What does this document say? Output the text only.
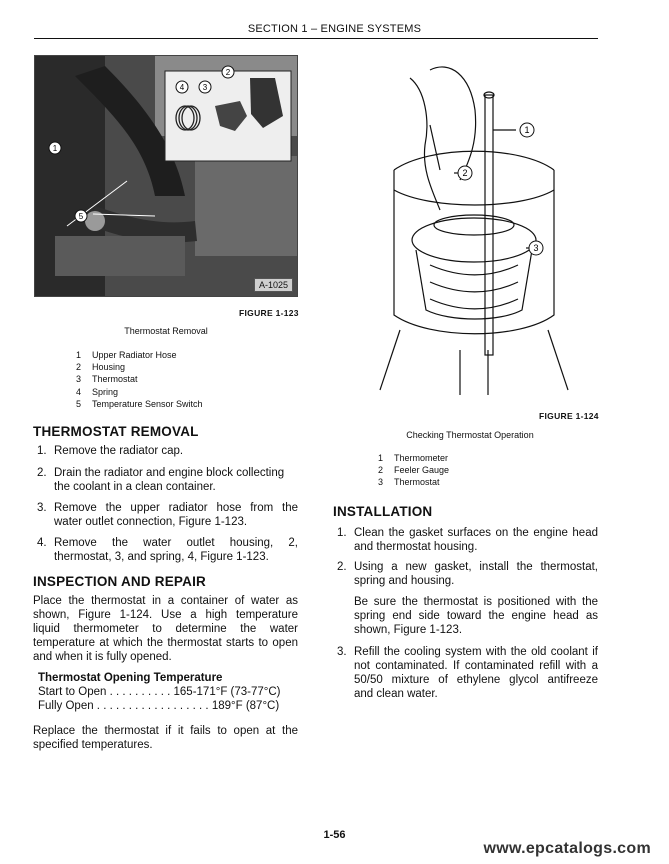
SECTION 1 – ENGINE SYSTEMS
A-1025
1
2
3
4
5
FIGURE 1-123
Thermostat Removal
1	Upper Radiator Hose
2	Housing
3	Thermostat
4	Spring
5	Temperature Sensor Switch
1
2
3
FIGURE 1-124
Checking Thermostat Operation
1	Thermometer
2	Feeler Gauge
3	Thermostat
THERMOSTAT REMOVAL
1. Remove the radiator cap.
2. Drain the radiator and engine block collecting
the coolant in a clean container.
3. Remove the upper radiator hose from the
water outlet connection, Figure 1-123.
4. Remove the water outlet housing, 2,
thermostat, 3, and spring, 4, Figure 1-123.
INSPECTION AND REPAIR
Place the thermostat in a container of water as
shown, Figure 1-124. Use a high temperature
liquid thermometer to determine the water
temperature at which the thermostat starts to open
and when it is fully opened.
Thermostat Opening Temperature
Start to Open . . . . . . . . . . 165-171°F (73-77°C)
Fully Open . . . . . . . . . . . . . . . . . . 189°F (87°C)
Replace the thermostat if it fails to open at the
specified temperatures.
INSTALLATION
1. Clean the gasket surfaces on the engine head
and thermostat housing.
2. Using a new gasket, install the thermostat,
spring and housing.
Be sure the thermostat is positioned with the
spring end side toward the engine head as
shown, Figure 1-123.
3. Refill the cooling system with the old coolant if
not contaminated. If contaminated refill with a
50/50 mixture of ethylene glycol antifreeze
and clean water.
1-56
www.epcatalogs.com
